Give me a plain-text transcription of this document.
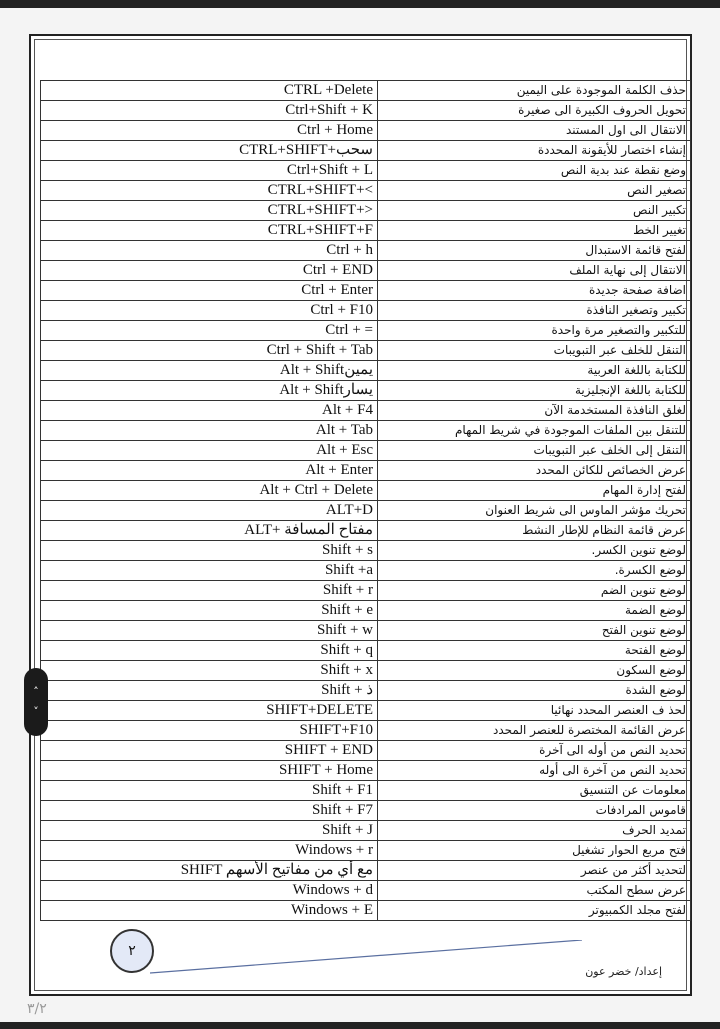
CTRL +Delete	حذف الكلمة الموجودة على اليمين
Ctrl+Shift + K	تحويل الحروف الكبيرة الى صغيرة
Ctrl + Home	الانتقال الى اول المستند
CTRL+SHIFT+سحب	إنشاء اختصار للأيقونة المحددة
Ctrl+Shift + L	وضع نقطة عند بدية النص
CTRL+SHIFT+<	تصغير النص
CTRL+SHIFT+>	تكبير النص
CTRL+SHIFT+F	تغيير الخط
Ctrl + h	لفتح قائمة الاستبدال
Ctrl + END	الانتقال إلى نهاية الملف
Ctrl + Enter	اضافة صفحة جديدة
Ctrl + F10	تكبير وتصغير النافذة
Ctrl + =	للتكبير والتصغير مرة واحدة
Ctrl + Shift + Tab	التنقل للخلف عبر التبويبات
Alt + Shiftيمين	للكتابة باللغة العربية
Alt + Shiftيسار	للكتابة باللغة الإنجليزية
Alt + F4	لغلق النافذة المستخدمة الآن
Alt + Tab	للتنقل بين الملفات الموجودة في شريط المهام
Alt + Esc	التنقل إلى الخلف عبر التبويبات
Alt + Enter	عرض الخصائص للكائن المحدد
Alt + Ctrl + Delete	لفتح إدارة المهام
ALT+D	تحريك مؤشر الماوس الى شريط العنوان
ALT+ مفتاح المسافة	عرض قائمة النظام للإطار النشط
Shift + s	لوضع تنوين الكسر.
Shift +a	لوضع الكسرة.
Shift + r	لوضع تنوين الضم
Shift + e	لوضع الضمة
Shift + w	لوضع تنوين الفتح
Shift + q	لوضع الفتحة
Shift + x	لوضع السكون
Shift + ذ	لوضع الشدة
SHIFT+DELETE	لحذ ف العنصر المحدد نهائيا
SHIFT+F10	عرض القائمة المختصرة للعنصر المحدد
SHIFT + END	تحديد النص من أوله الى آخرة
SHIFT + Home	تحديد النص من آخرة الى أوله
Shift + F1	معلومات عن التنسيق
Shift + F7	قاموس المرادفات
Shift + J	تمديد الحرف
Windows + r	فتح مربع الحوار تشغيل
SHIFT مع أي من مفاتيح الأسهم	لتحديد أكثر من عنصر
Windows + d	عرض سطح المكتب
Windows + E	لفتح مجلد الكمبيوتر
٢
إعداد/ خضر عون
˄
˅
٣/٢
